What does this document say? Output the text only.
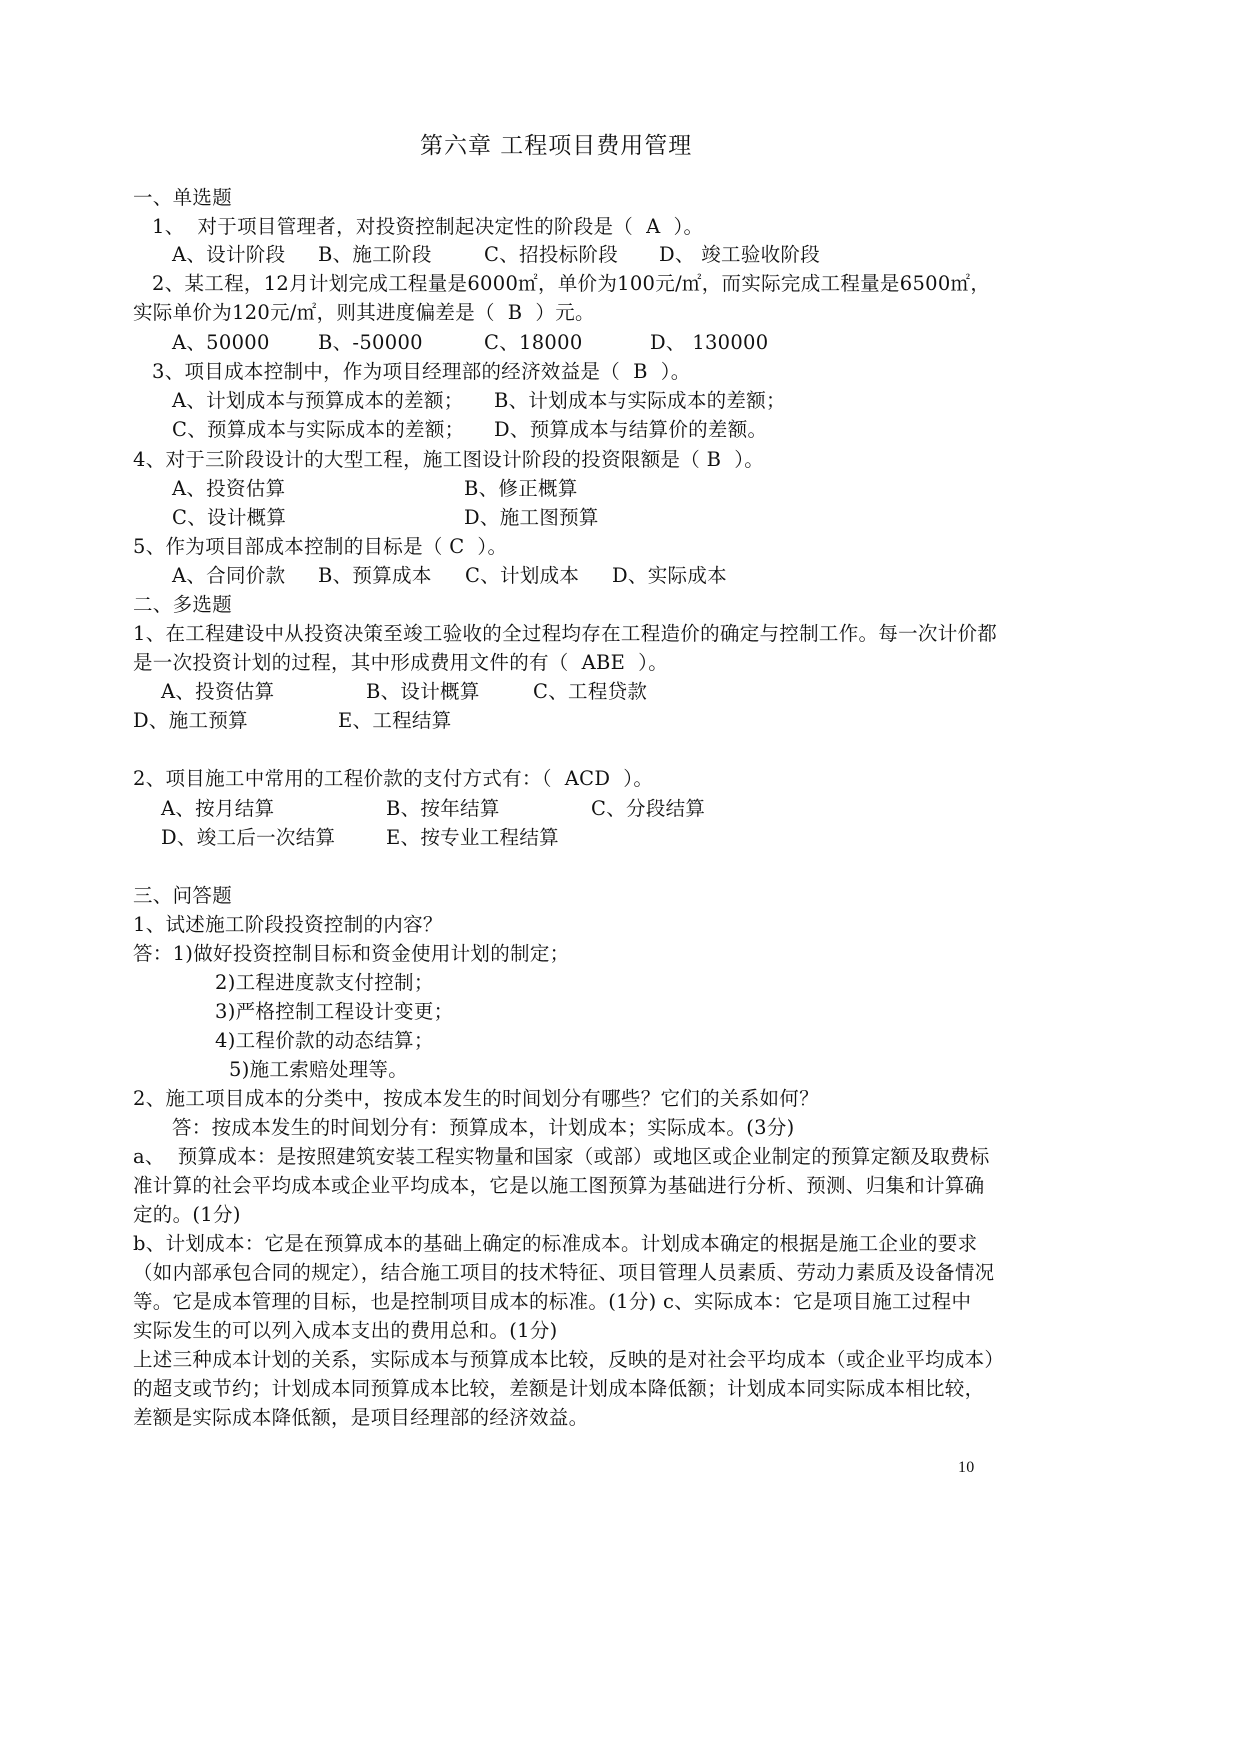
第六章 工程项目费用管理
一、单选题
1、  对于项目管理者，对投资控制起决定性的阶段是（  A  ）。
A、设计阶段 B、施工阶段	C、招投标阶段 D、 竣工验收阶段
2、某工程，12月计划完成工程量是6000㎡，单价为100元/㎡，而实际完成工程量是6500㎡，
实际单价为120元/㎡，则其进度偏差是（  B  ）元。
A、50000 B、-50000	C、18000	D、 130000
3、项目成本控制中，作为项目经理部的经济效益是（  B  ）。
A、计划成本与预算成本的差额； B、计划成本与实际成本的差额；
C、预算成本与实际成本的差额； D、预算成本与结算价的差额。
4、对于三阶段设计的大型工程，施工图设计阶段的投资限额是（ B  ）。
A、投资估算	B、修正概算
C、设计概算	D、施工图预算
5、作为项目部成本控制的目标是（ C  ）。
A、合同价款 B、预算成本 C、计划成本 D、实际成本
二、多选题
1、在工程建设中从投资决策至竣工验收的全过程均存在工程造价的确定与控制工作。每一次计价都
是一次投资计划的过程，其中形成费用文件的有（  ABE  ）。
A、投资估算	B、设计概算	C、工程贷款
D、施工预算	E、工程结算
2、项目施工中常用的工程价款的支付方式有：（  ACD  ）。
A、按月结算	B、按年结算	C、分段结算
D、竣工后一次结算	E、按专业工程结算
三、问答题
1、试述施工阶段投资控制的内容？
答：1)做好投资控制目标和资金使用计划的制定；
2)工程进度款支付控制；
3)严格控制工程设计变更；
4)工程价款的动态结算；
5)施工索赔处理等。
2、施工项目成本的分类中，按成本发生的时间划分有哪些？它们的关系如何？
答：按成本发生的时间划分有：预算成本，计划成本；实际成本。(3分)
a、  预算成本：是按照建筑安装工程实物量和国家（或部）或地区或企业制定的预算定额及取费标
准计算的社会平均成本或企业平均成本，它是以施工图预算为基础进行分析、预测、归集和计算确
定的。(1分)
b、计划成本：它是在预算成本的基础上确定的标准成本。计划成本确定的根据是施工企业的要求
（如内部承包合同的规定），结合施工项目的技术特征、项目管理人员素质、劳动力素质及设备情况
等。它是成本管理的目标，也是控制项目成本的标准。(1分) c、实际成本：它是项目施工过程中
实际发生的可以列入成本支出的费用总和。(1分)
上述三种成本计划的关系，实际成本与预算成本比较，反映的是对社会平均成本（或企业平均成本）
的超支或节约；计划成本同预算成本比较，差额是计划成本降低额；计划成本同实际成本相比较，
差额是实际成本降低额，是项目经理部的经济效益。
10
